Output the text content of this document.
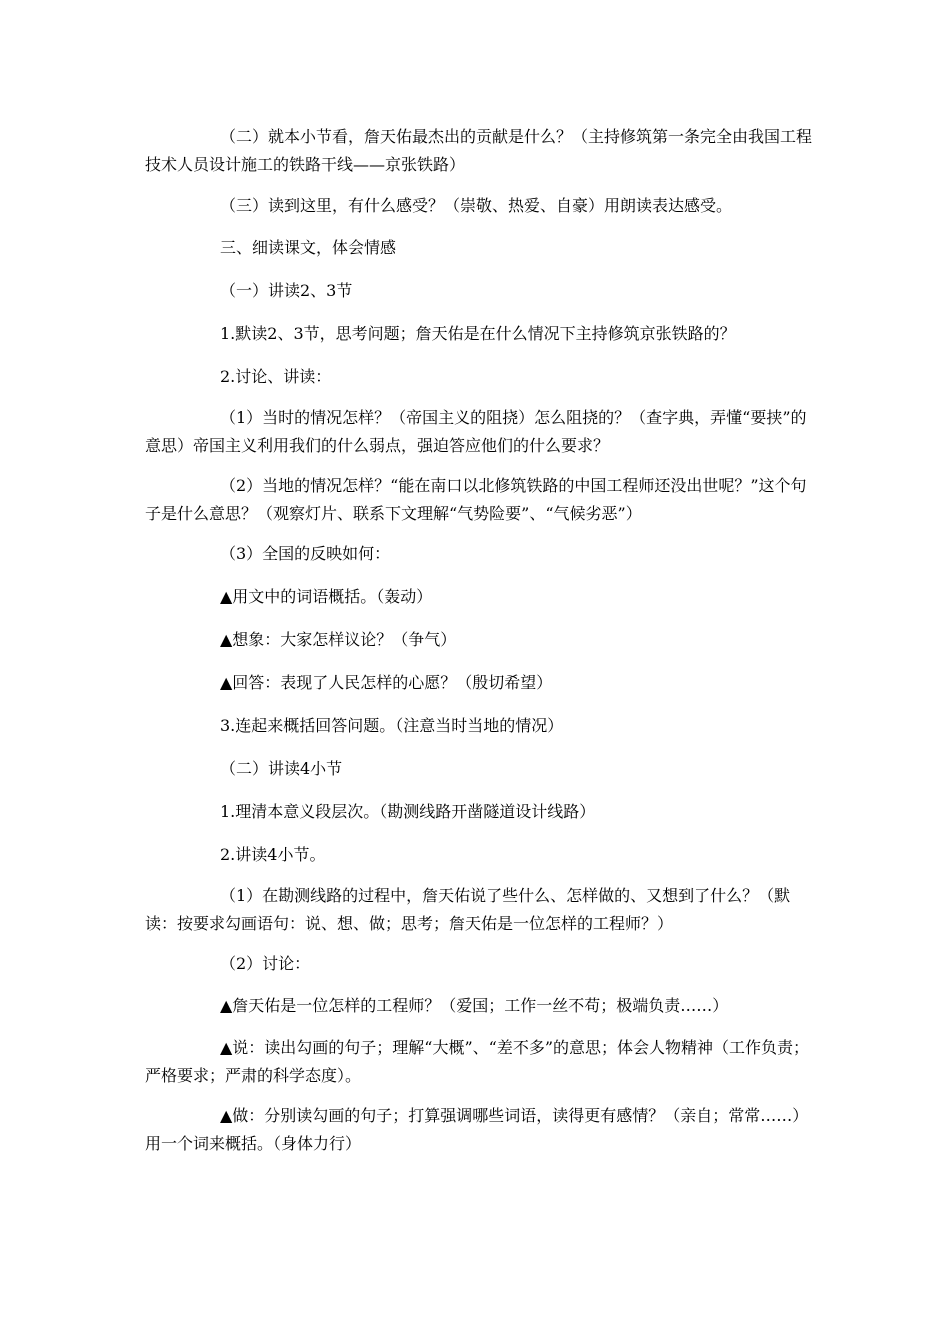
（二）就本小节看，詹天佑最杰出的贡献是什么？（主持修筑第一条完全由我国工程技术人员设计施工的铁路干线——京张铁路）

（三）读到这里，有什么感受？（崇敬、热爱、自豪）用朗读表达感受。

三、细读课文，体会情感

（一）讲读2、3节

1.默读2、3节，思考问题；詹天佑是在什么情况下主持修筑京张铁路的？

2.讨论、讲读：

（1）当时的情况怎样？（帝国主义的阻挠）怎么阻挠的？（查字典，弄懂“要挟”的意思）帝国主义利用我们的什么弱点，强迫答应他们的什么要求？

（2）当地的情况怎样？“能在南口以北修筑铁路的中国工程师还没出世呢？”这个句子是什么意思？（观察灯片、联系下文理解“气势险要”、“气候劣恶”）

（3）全国的反映如何：

▲用文中的词语概括。（轰动）

▲想象：大家怎样议论？（争气）

▲回答：表现了人民怎样的心愿？（殷切希望）

3.连起来概括回答问题。（注意当时当地的情况）

（二）讲读4小节

1.理清本意义段层次。（勘测线路开凿隧道设计线路）

2.讲读4小节。

（1）在勘测线路的过程中，詹天佑说了些什么、怎样做的、又想到了什么？（默读：按要求勾画语句：说、想、做；思考；詹天佑是一位怎样的工程师？）

（2）讨论：

▲詹天佑是一位怎样的工程师？（爱国；工作一丝不苟；极端负责……）

▲说：读出勾画的句子；理解“大概”、“差不多”的意思；体会人物精神（工作负责；严格要求；严肃的科学态度）。

▲做：分别读勾画的句子；打算强调哪些词语，读得更有感情？（亲自；常常……）用一个词来概括。（身体力行）
